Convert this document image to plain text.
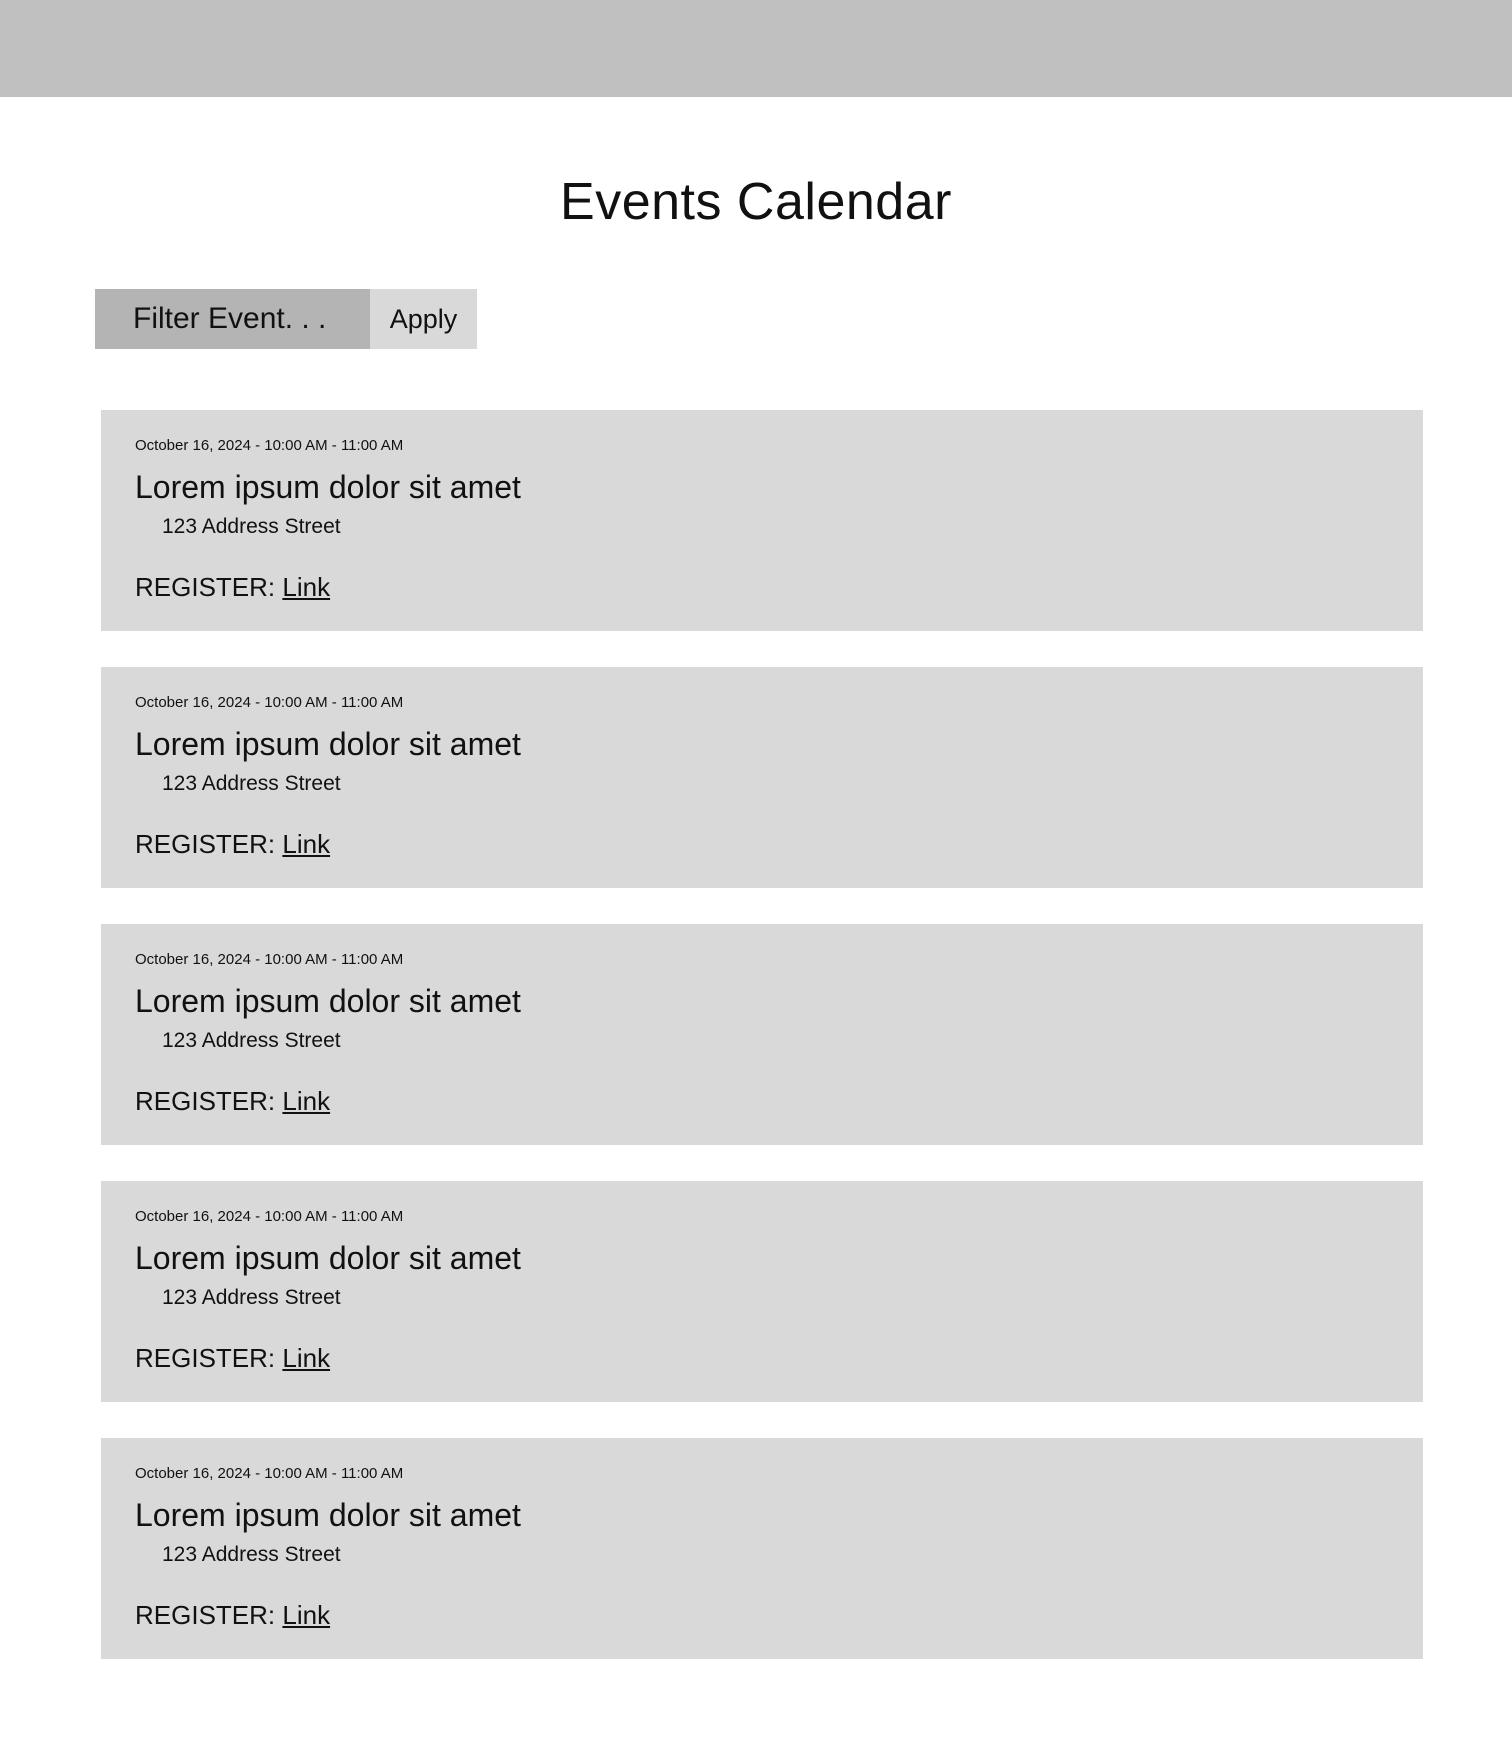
Events Calendar
Filter Event. . .
Apply
October 16, 2024 - 10:00 AM - 11:00 AM
Lorem ipsum dolor sit amet
123 Address Street
REGISTER: Link
October 16, 2024 - 10:00 AM - 11:00 AM
Lorem ipsum dolor sit amet
123 Address Street
REGISTER: Link
October 16, 2024 - 10:00 AM - 11:00 AM
Lorem ipsum dolor sit amet
123 Address Street
REGISTER: Link
October 16, 2024 - 10:00 AM - 11:00 AM
Lorem ipsum dolor sit amet
123 Address Street
REGISTER: Link
October 16, 2024 - 10:00 AM - 11:00 AM
Lorem ipsum dolor sit amet
123 Address Street
REGISTER: Link
